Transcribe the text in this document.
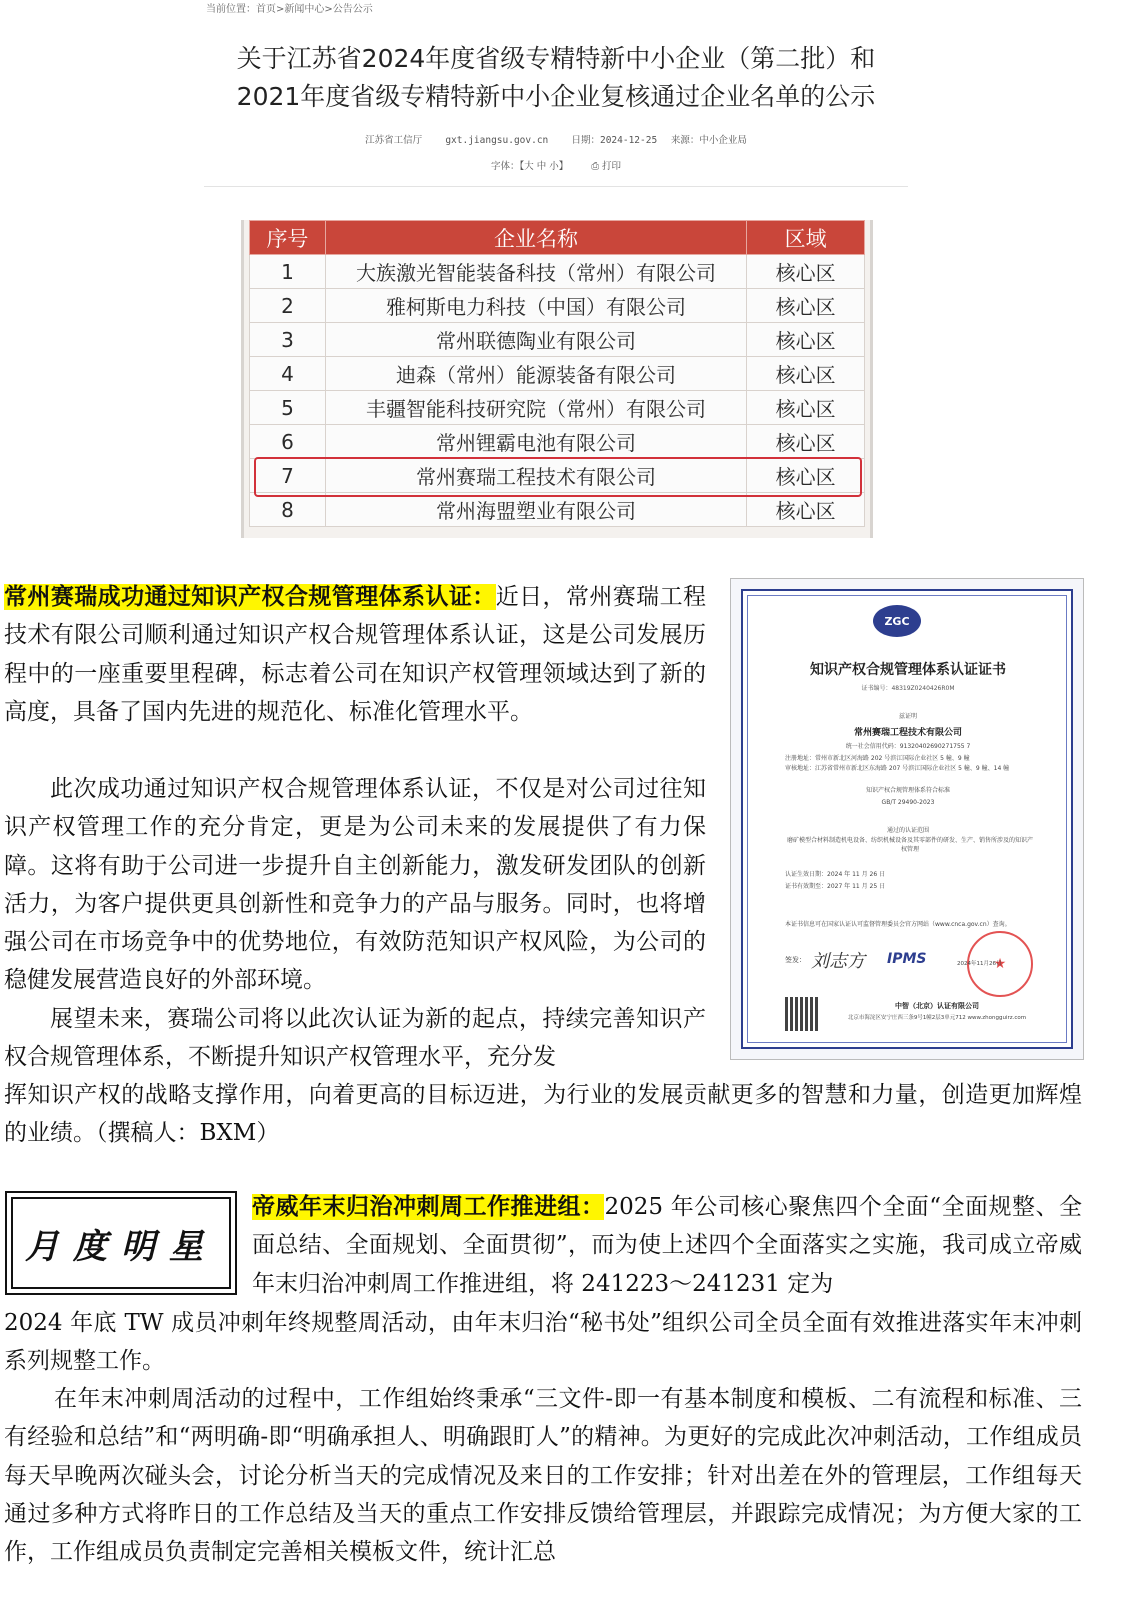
当前位置：首页>新闻中心>公告公示
关于江苏省2024年度省级专精特新中小企业（第二批）和
2021年度省级专精特新中小企业复核通过企业名单的公示
江苏省工信厅　 gxt.jiangsu.gov.cn　 日期：2024-12-25 来源：中小企业局
字体：【大 中 小】 ⎙ 打印
序号	企业名称	区域
1	大族激光智能装备科技（常州）有限公司	核心区
2	雅柯斯电力科技（中国）有限公司	核心区
3	常州联德陶业有限公司	核心区
4	迪森（常州）能源装备有限公司	核心区
5	丰疆智能科技研究院（常州）有限公司	核心区
6	常州锂霸电池有限公司	核心区
7	常州赛瑞工程技术有限公司	核心区
8	常州海盟塑业有限公司	核心区
常州赛瑞成功通过知识产权合规管理体系认证：近日，常州赛瑞工程技术有限公司顺利通过知识产权合规管理体系认证，这是公司发展历程中的一座重要里程碑，标志着公司在知识产权管理领域达到了新的高度，具备了国内先进的规范化、标准化管理水平。
此次成功通过知识产权合规管理体系认证，不仅是对公司过往知识产权管理工作的充分肯定，更是为公司未来的发展提供了有力保障。这将有助于公司进一步提升自主创新能力，激发研发团队的创新活力，为客户提供更具创新性和竞争力的产品与服务。同时，也将增强公司在市场竞争中的优势地位，有效防范知识产权风险，为公司的稳健发展营造良好的外部环境。
展望未来，赛瑞公司将以此次认证为新的起点，持续完善知识产权合规管理体系，不断提升知识产权管理水平，充分发
挥知识产权的战略支撑作用，向着更高的目标迈进，为行业的发展贡献更多的智慧和力量，创造更加辉煌的业绩。（撰稿人：BXM）
ZGC
知识产权合规管理体系认证证书
证书编号：48319Z0240426R0M
兹证明
常州赛瑞工程技术有限公司
统一社会信用代码：91320402690271755 7
注册地址：常州市新北区河海路 202 号滨江国际企业社区 5 幢、9 幢
审核地址：江苏省常州市新北区东海路 207 号滨江国际企业社区 5 幢、9 幢、14 幢
知识产权合规管理体系符合标准
GB/T 29490-2023
通过的认证范围
磨矿模型合材料制造机电设备、纺织机械设备及其零部件的研发、生产、销售所涉及的知识产权管理
认证生效日期：2024 年 11 月 26 日
证书有效期至：2027 年 11 月 25 日
本证书信息可在国家认证认可监督管理委员会官方网站（www.cnca.gov.cn）查询。
签发： 刘志方 IPMS	★
2024年11月26日
中智（北京）认证有限公司
北京市海淀区安宁庄西三条9号1幢2层3单元712 www.zhongguirz.com
月度明星
帝威年末归治冲刺周工作推进组：2025 年公司核心聚焦四个全面“全面规整、全面总结、全面规划、全面贯彻”，而为使上述四个全面落实之实施，我司成立帝威年末归治冲刺周工作推进组，将 241223～241231 定为
2024 年底 TW 成员冲刺年终规整周活动，由年末归治“秘书处”组织公司全员全面有效推进落实年末冲刺系列规整工作。
在年末冲刺周活动的过程中，工作组始终秉承“三文件-即一有基本制度和模板、二有流程和标准、三有经验和总结”和“两明确-即“明确承担人、明确跟盯人”的精神。为更好的完成此次冲刺活动，工作组成员每天早晚两次碰头会，讨论分析当天的完成情况及来日的工作安排；针对出差在外的管理层，工作组每天通过多种方式将昨日的工作总结及当天的重点工作安排反馈给管理层，并跟踪完成情况；为方便大家的工作，工作组成员负责制定完善相关模板文件，统计汇总
